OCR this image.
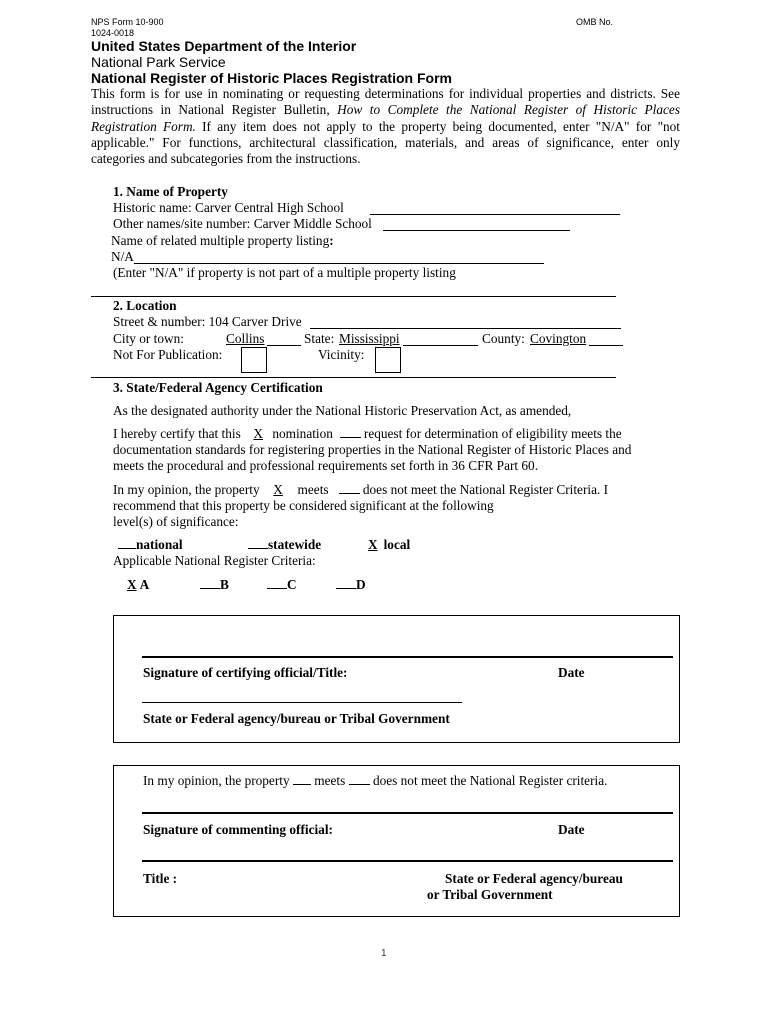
NPS Form 10-900	OMB No.
1024-0018
United States Department of the Interior
National Park Service
National Register of Historic Places Registration Form
This form is for use in nominating or requesting determinations for individual properties and districts. See instructions in National Register Bulletin, How to Complete the National Register of Historic Places Registration Form. If any item does not apply to the property being documented, enter "N/A" for "not applicable." For functions, architectural classification, materials, and areas of significance, enter only categories and subcategories from the instructions.
1. Name of Property
Historic name: Carver Central High School
Other names/site number: Carver Middle School
Name of related multiple property listing:
N/A
(Enter "N/A" if property is not part of a multiple property listing
2. Location
Street & number: 104 Carver Drive
City or town:	Collins	State: Mississippi	County: Covington
Not For Publication:	Vicinity:
3. State/Federal Agency Certification
As the designated authority under the National Historic Preservation Act, as amended,
I hereby certify that this X nomination request for determination of eligibility meets the
documentation standards for registering properties in the National Register of Historic Places and
meets the procedural and professional requirements set forth in 36 CFR Part 60.
In my opinion, the property X meets	does not meet the National Register Criteria. I
recommend that this property be considered significant at the following
level(s) of significance:
national	statewide	X local
Applicable National Register Criteria:
X A	B	C	D
Signature of certifying official/Title:	Date
State or Federal agency/bureau or Tribal Government
In my opinion, the property meets does not meet the National Register criteria.
Signature of commenting official:	Date
Title :	State or Federal agency/bureau
or Tribal Government
1
